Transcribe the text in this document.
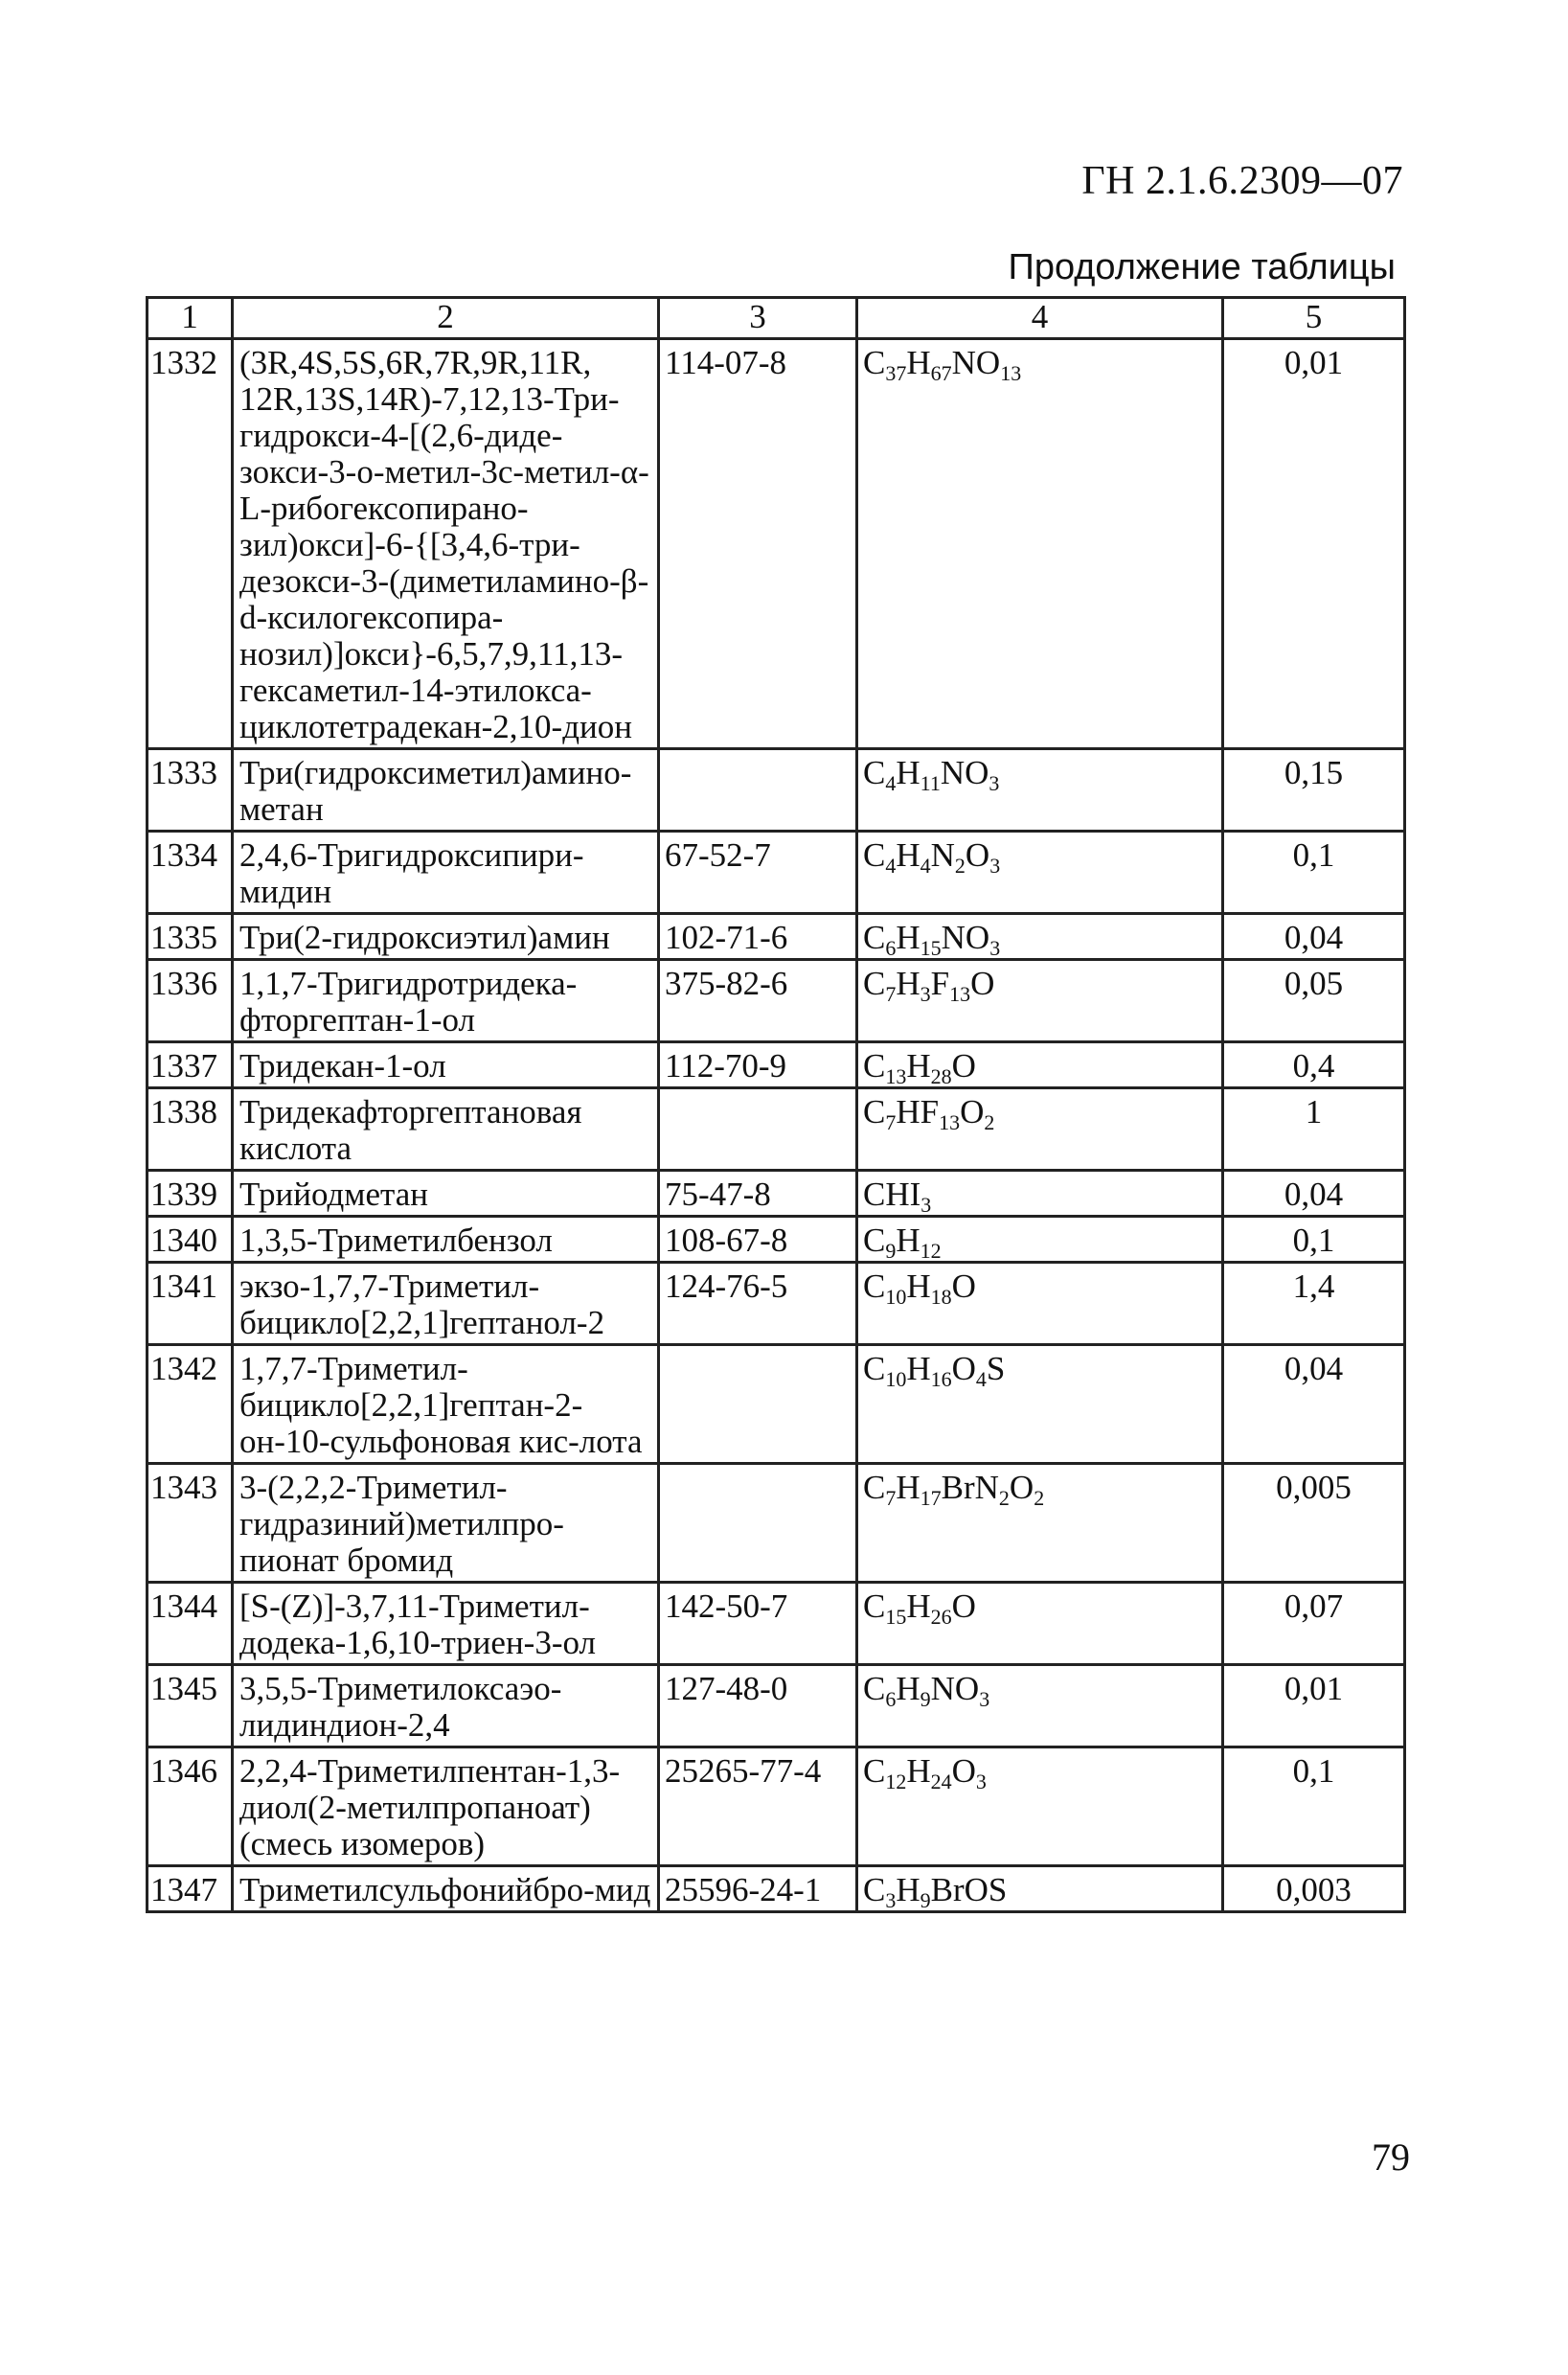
ГН 2.1.6.2309—07
Продолжение таблицы
1	2	3	4	5
1332	(3R,4S,5S,6R,7R,9R,11R, 12R,13S,14R)-7,12,13-Три-гидрокси-4-[(2,6-диде-зокси-3-о-метил-3с-метил-α-L-рибогексопирано-зил)окси]-6-{[3,4,6-три-дезокси-3-(диметиламино-β-d-ксилогексопира-нозил)]окси}-6,5,7,9,11,13-гексаметил-14-этилокса-циклотетрадекан-2,10-дион	114-07-8	$C_{37}H_{67}NO_{13}$	0,01
1333	Три(гидроксиметил)амино-метан		$C_4H_{11}NO_3$	0,15
1334	2,4,6-Тригидроксипири-мидин	67-52-7	$C_4H_4N_2O_3$	0,1
1335	Три(2-гидроксиэтил)амин	102-71-6	$C_6H_{15}NO_3$	0,04
1336	1,1,7-Тригидротридека-фторгептан-1-ол	375-82-6	$C_7H_3F_{13}O$	0,05
1337	Тридекан-1-ол	112-70-9	$C_{13}H_{28}O$	0,4
1338	Тридекафторгептановая кислота		$C_7HF_{13}O_2$	1
1339	Трийодметан	75-47-8	$CHI_3$	0,04
1340	1,3,5-Триметилбензол	108-67-8	$C_9H_{12}$	0,1
1341	экзо-1,7,7-Триметил-бицикло[2,2,1]гептанол-2	124-76-5	$C_{10}H_{18}O$	1,4
1342	1,7,7-Триметил-бицикло[2,2,1]гептан-2-он-10-сульфоновая кис-лота		$C_{10}H_{16}O_4S$	0,04
1343	3-(2,2,2-Триметил-гидразиний)метилпро-пионат бромид		$C_7H_{17}BrN_2O_2$	0,005
1344	[S-(Z)]-3,7,11-Триметил-додека-1,6,10-триен-3-ол	142-50-7	$C_{15}H_{26}O$	0,07
1345	3,5,5-Триметилоксаэо-лидиндион-2,4	127-48-0	$C_6H_9NO_3$	0,01
1346	2,2,4-Триметилпентан-1,3-диол(2-метилпропаноат) (смесь изомеров)	25265-77-4	$C_{12}H_{24}O_3$	0,1
1347	Триметилсульфонийбро-мид	25596-24-1	$C_3H_9BrOS$	0,003
79
